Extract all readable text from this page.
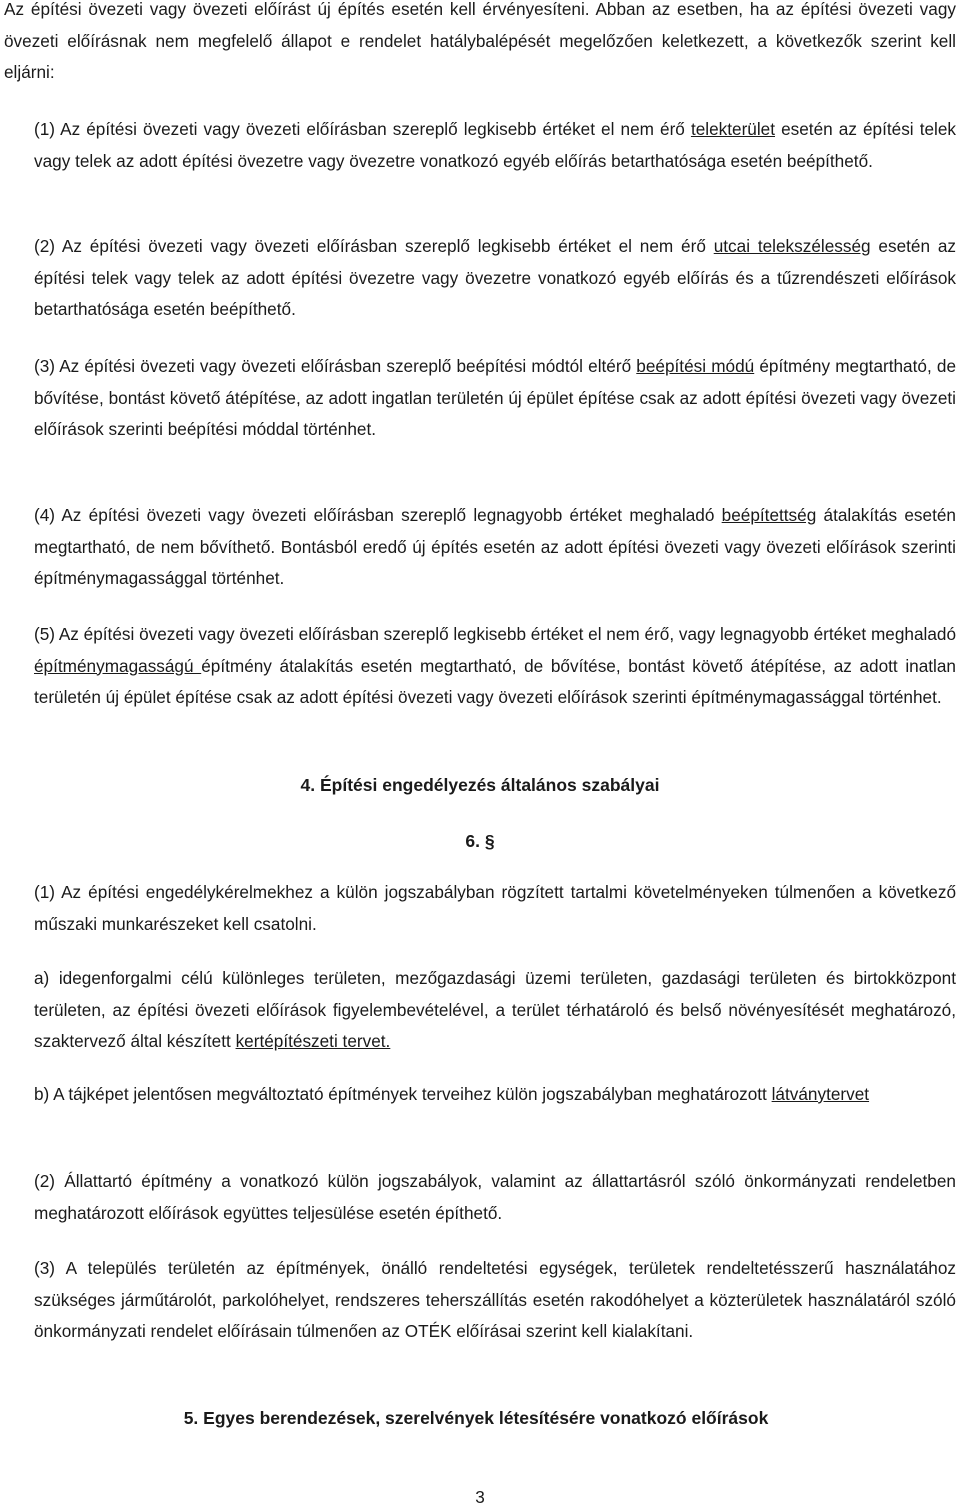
Az építési övezeti vagy övezeti előírást új építés esetén kell érvényesíteni. Abban az esetben, ha az építési övezeti vagy övezeti előírásnak nem megfelelő állapot e rendelet hatálybalépését megelőzően keletkezett, a következők szerint kell eljárni:

(1) Az építési övezeti vagy övezeti előírásban szereplő legkisebb értéket el nem érő telekterület esetén az építési telek vagy telek az adott építési övezetre vagy övezetre vonatkozó egyéb előírás betarthatósága esetén beépíthető.

(2) Az építési övezeti vagy övezeti előírásban szereplő legkisebb értéket el nem érő utcai telekszélesség esetén az építési telek vagy telek az adott építési övezetre vagy övezetre vonatkozó egyéb előírás és a tűzrendészeti előírások betarthatósága esetén beépíthető.

(3) Az építési övezeti vagy övezeti előírásban szereplő beépítési módtól eltérő beépítési módú építmény megtartható, de bővítése, bontást követő átépítése, az adott ingatlan területén új épület építése csak az adott építési övezeti vagy övezeti előírások szerinti beépítési móddal történhet.

(4) Az építési övezeti vagy övezeti előírásban szereplő legnagyobb értéket meghaladó beépítettség átalakítás esetén megtartható, de nem bővíthető. Bontásból eredő új építés esetén az adott építési övezeti vagy övezeti előírások szerinti építménymagassággal történhet.

(5) Az építési övezeti vagy övezeti előírásban szereplő legkisebb értéket el nem érő, vagy legnagyobb értéket meghaladó építménymagasságú építmény átalakítás esetén megtartható, de bővítése, bontást követő átépítése, az adott inatlan területén új épület építése csak az adott építési övezeti vagy övezeti előírások szerinti építménymagassággal történhet.

4. Építési engedélyezés általános szabályai
6. §

(1) Az építési engedélykérelmekhez a külön jogszabályban rögzített tartalmi követelményeken túlmenően a következő műszaki munkarészeket kell csatolni.

a) idegenforgalmi célú különleges területen, mezőgazdasági üzemi területen, gazdasági területen és birtokközpont területen, az építési övezeti előírások figyelembevételével, a terület térhatároló és belső növényesítését meghatározó, szaktervező által készített kertépítészeti tervet.

b) A tájképet jelentősen megváltoztató építmények terveihez külön jogszabályban meghatározott látványtervet

(2) Állattartó építmény a vonatkozó külön jogszabályok, valamint az állattartásról szóló önkormányzati rendeletben meghatározott előírások együttes teljesülése esetén építhető.

(3) A település területén az építmények, önálló rendeltetési egységek, területek rendeltetésszerű használatához szükséges járműtárolót, parkolóhelyet, rendszeres teherszállítás esetén rakodóhelyet a közterületek használatáról szóló önkormányzati rendelet előírásain túlmenően az OTÉK előírásai szerint kell kialakítani.

5. Egyes berendezések, szerelvények létesítésére vonatkozó előírások
3
